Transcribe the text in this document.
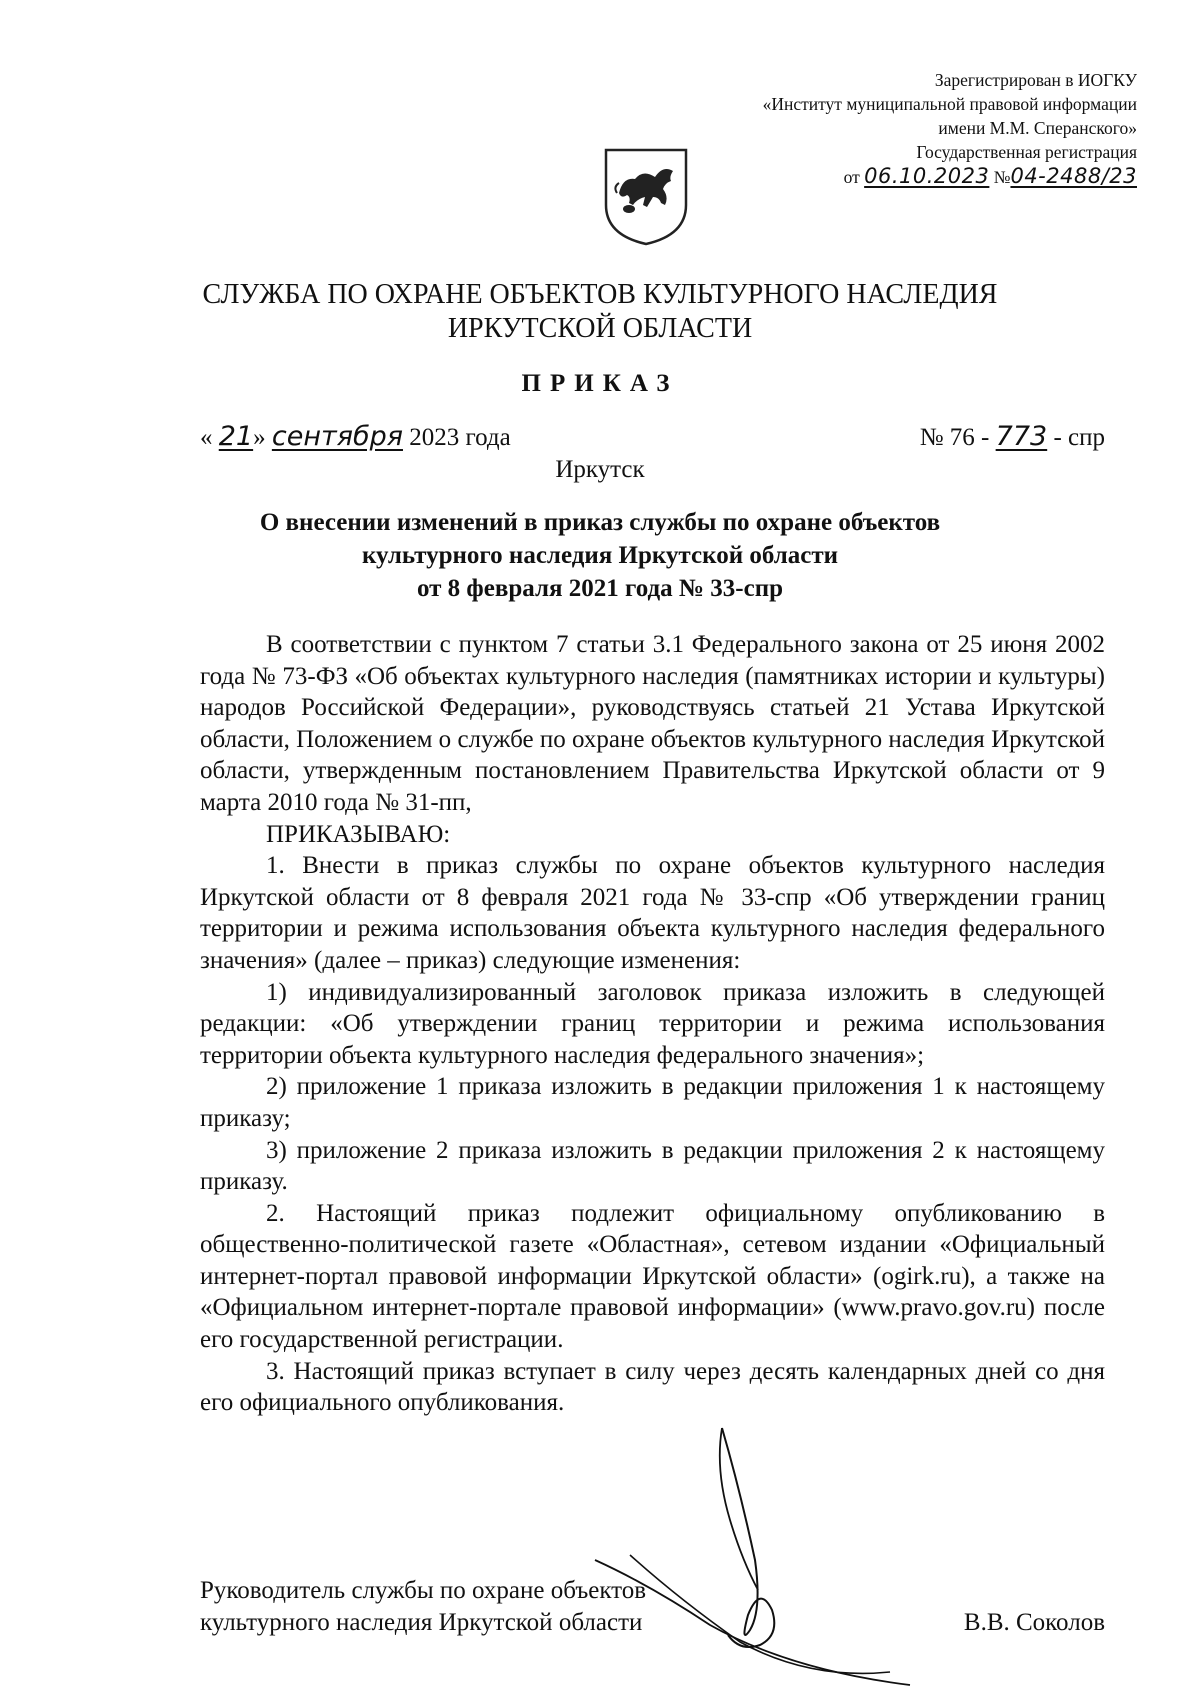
Зарегистрирован в ИОГКУ
«Институт муниципальной правовой информации
имени М.М. Сперанского»
Государственная регистрация
от 06.10.2023 №04-2488/23
СЛУЖБА ПО ОХРАНЕ ОБЪЕКТОВ КУЛЬТУРНОГО НАСЛЕДИЯ
ИРКУТСКОЙ ОБЛАСТИ
ПРИКАЗ
« 21» сентября 2023 года	№ 76 - 773 - спр
Иркутск
О внесении изменений в приказ службы по охране объектов
культурного наследия Иркутской области
от 8 февраля 2021 года № 33-спр

В соответствии с пунктом 7 статьи 3.1 Федерального закона от 25 июня 2002 года № 73-ФЗ «Об объектах культурного наследия (памятниках истории и культуры) народов Российской Федерации», руководствуясь статьей 21 Устава Иркутской области, Положением о службе по охране объектов культурного наследия Иркутской области, утвержденным постановлением Правительства Иркутской области от 9 марта 2010 года № 31-пп,

ПРИКАЗЫВАЮ:

1. Внести в приказ службы по охране объектов культурного наследия Иркутской области от 8 февраля 2021 года № 33-спр «Об утверждении границ территории и режима использования объекта культурного наследия федерального значения» (далее – приказ) следующие изменения:

1) индивидуализированный заголовок приказа изложить в следующей редакции: «Об утверждении границ территории и режима использования территории объекта культурного наследия федерального значения»;

2) приложение 1 приказа изложить в редакции приложения 1 к настоящему приказу;

3) приложение 2 приказа изложить в редакции приложения 2 к настоящему приказу.

2. Настоящий приказ подлежит официальному опубликованию в общественно-политической газете «Областная», сетевом издании «Официальный интернет-портал правовой информации Иркутской области» (ogirk.ru), а также на «Официальном интернет-портале правовой информации» (www.pravo.gov.ru) после его государственной регистрации.

3. Настоящий приказ вступает в силу через десять календарных дней со дня его официального опубликования.

Руководитель службы по охране объектов
культурного наследия Иркутской области	В.В. Соколов
